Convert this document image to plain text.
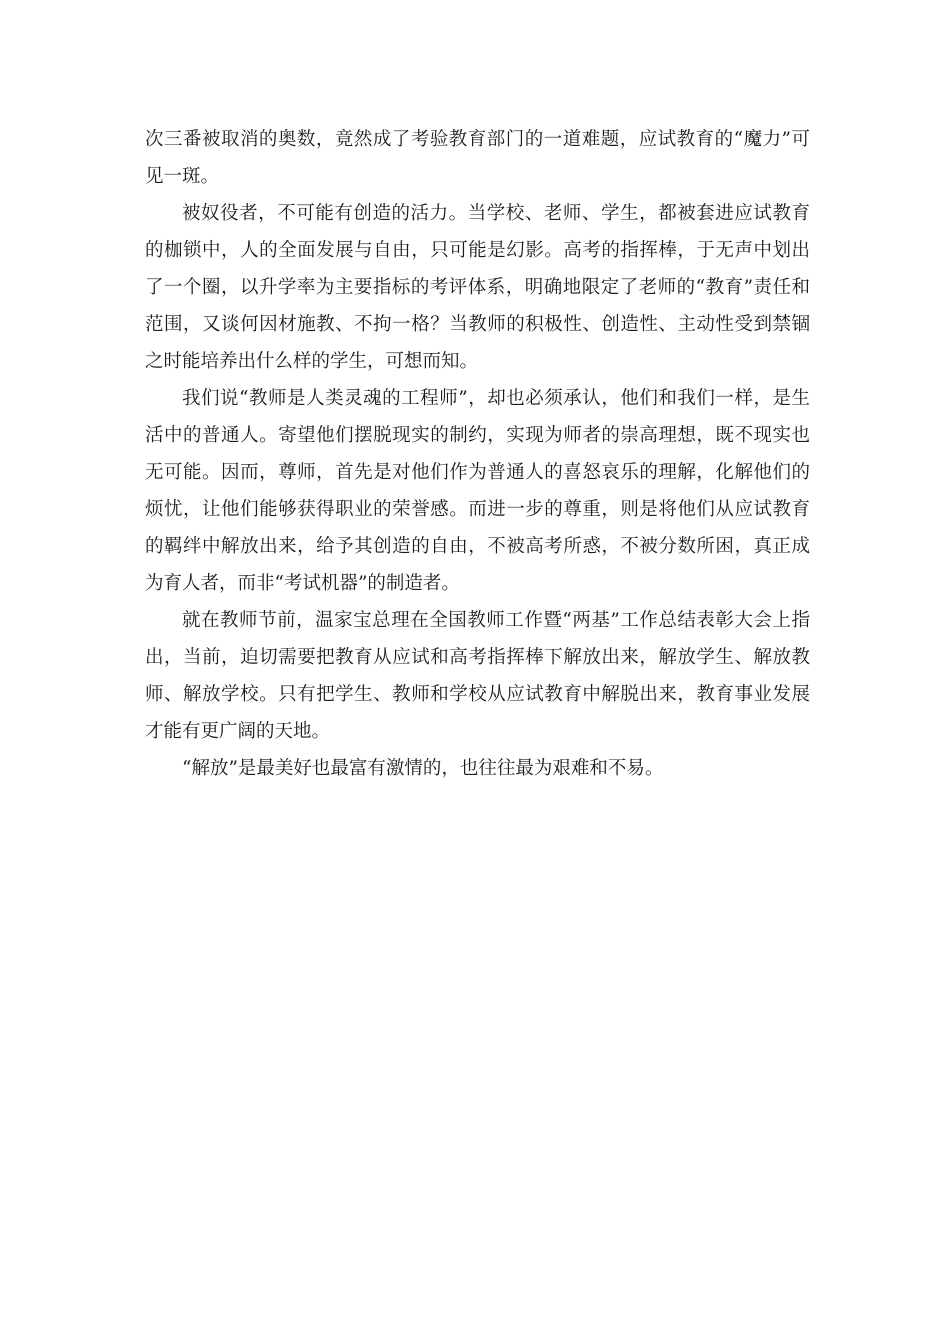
次三番被取消的奥数，竟然成了考验教育部门的一道难题，应试教育的“魔力”可见一斑。

被奴役者，不可能有创造的活力。当学校、老师、学生，都被套进应试教育的枷锁中，人的全面发展与自由，只可能是幻影。高考的指挥棒，于无声中划出了一个圈，以升学率为主要指标的考评体系，明确地限定了老师的“教育”责任和范围，又谈何因材施教、不拘一格？当教师的积极性、创造性、主动性受到禁锢之时能培养出什么样的学生，可想而知。

我们说“教师是人类灵魂的工程师”，却也必须承认，他们和我们一样，是生活中的普通人。寄望他们摆脱现实的制约，实现为师者的崇高理想，既不现实也无可能。因而，尊师，首先是对他们作为普通人的喜怒哀乐的理解，化解他们的烦忧，让他们能够获得职业的荣誉感。而进一步的尊重，则是将他们从应试教育的羁绊中解放出来，给予其创造的自由，不被高考所惑，不被分数所困，真正成为育人者，而非“考试机器”的制造者。

就在教师节前，温家宝总理在全国教师工作暨“两基”工作总结表彰大会上指出，当前，迫切需要把教育从应试和高考指挥棒下解放出来，解放学生、解放教师、解放学校。只有把学生、教师和学校从应试教育中解脱出来，教育事业发展才能有更广阔的天地。

“解放”是最美好也最富有激情的，也往往最为艰难和不易。
